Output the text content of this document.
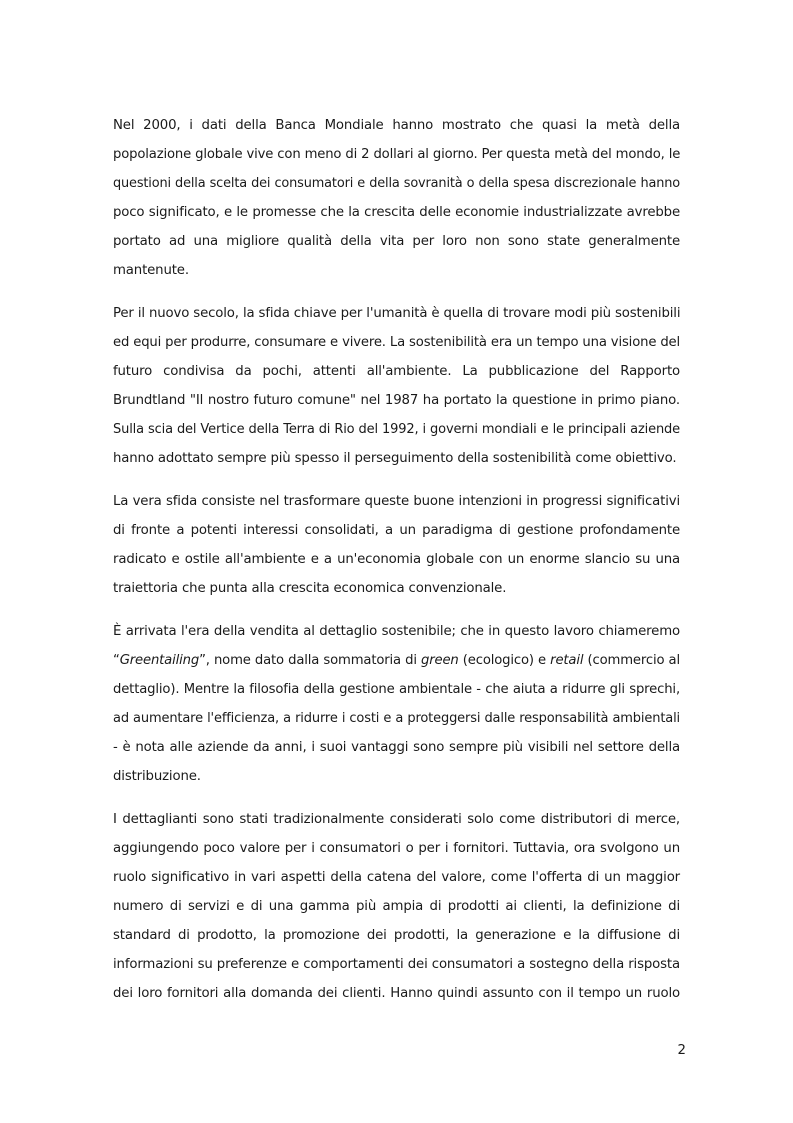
Nel 2000, i dati della Banca Mondiale hanno mostrato che quasi la metà della
popolazione globale vive con meno di 2 dollari al giorno. Per questa metà del mondo, le
questioni della scelta dei consumatori e della sovranità o della spesa discrezionale hanno
poco significato, e le promesse che la crescita delle economie industrializzate avrebbe
portato ad una migliore qualità della vita per loro non sono state generalmente
mantenute.

Per il nuovo secolo, la sfida chiave per l'umanità è quella di trovare modi più sostenibili
ed equi per produrre, consumare e vivere. La sostenibilità era un tempo una visione del
futuro condivisa da pochi, attenti all'ambiente. La pubblicazione del Rapporto
Brundtland "Il nostro futuro comune" nel 1987 ha portato la questione in primo piano.
Sulla scia del Vertice della Terra di Rio del 1992, i governi mondiali e le principali aziende
hanno adottato sempre più spesso il perseguimento della sostenibilità come obiettivo.

La vera sfida consiste nel trasformare queste buone intenzioni in progressi significativi
di fronte a potenti interessi consolidati, a un paradigma di gestione profondamente
radicato e ostile all'ambiente e a un'economia globale con un enorme slancio su una
traiettoria che punta alla crescita economica convenzionale.

È arrivata l'era della vendita al dettaglio sostenibile; che in questo lavoro chiameremo
“Greentailing”, nome dato dalla sommatoria di green (ecologico) e retail (commercio al
dettaglio). Mentre la filosofia della gestione ambientale - che aiuta a ridurre gli sprechi,
ad aumentare l'efficienza, a ridurre i costi e a proteggersi dalle responsabilità ambientali
- è nota alle aziende da anni, i suoi vantaggi sono sempre più visibili nel settore della
distribuzione.

I dettaglianti sono stati tradizionalmente considerati solo come distributori di merce,
aggiungendo poco valore per i consumatori o per i fornitori. Tuttavia, ora svolgono un
ruolo significativo in vari aspetti della catena del valore, come l'offerta di un maggior
numero di servizi e di una gamma più ampia di prodotti ai clienti, la definizione di
standard di prodotto, la promozione dei prodotti, la generazione e la diffusione di
informazioni su preferenze e comportamenti dei consumatori a sostegno della risposta
dei loro fornitori alla domanda dei clienti. Hanno quindi assunto con il tempo un ruolo

2
